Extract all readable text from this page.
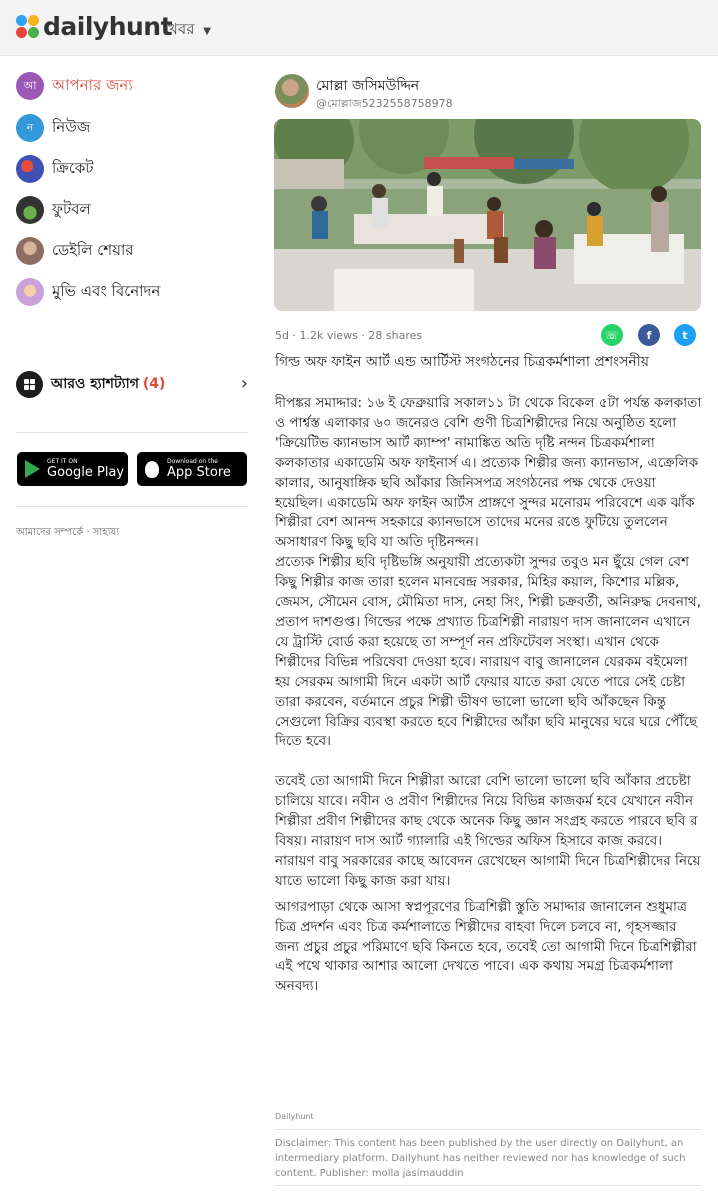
dailyhunt
খবর ▼
আ	আপনার জন্য
ন	নিউজ
ক্রিকেট
ফুটবল
ডেইলি শেয়ার
মুভি এবং বিনোদন
আরও হ্যাশট্যাগ (4)	›
GET IT ON
Google Play
Download on the
App Store
আমাদের সম্পর্কে · সাহায্য
মোল্লা জসিমউদ্দিন
@মোল্লাজ5232558758978
5d · 1.2k views · 28 shares	☏	f	t
গিল্ড অফ ফাইন আর্ট এন্ড আর্টিস্ট সংগঠনের চিত্রকর্মশালা প্রশংসনীয়

দীপঙ্কর সমাদ্দার: ১৬ ই ফেব্রুয়ারি সকাল১১ টা থেকে বিকেল ৫টা পর্যন্ত কলকাতা ও পার্শ্বস্ত এলাকার ৬০ জনেরও বেশি গুণী চিত্রশিল্পীদের নিয়ে অনুষ্ঠিত হলো 'ক্রিয়েটিভ ক্যানভাস আর্ট ক্যাম্প' নামাঙ্কিত অতি দৃষ্টি নন্দন চিত্রকর্মশালা কলকাতার একাডেমি অফ ফাইনার্স এ। প্রত্যেক শিল্পীর জন্য ক্যানভাস, এক্রেলিক কালার, আনুষাঙ্গিক ছবি আঁকার জিনিসপত্র সংগঠনের পক্ষ থেকে দেওয়া হয়েছিল। একাডেমি অফ ফাইন আর্টস প্রাঙ্গণে সুন্দর মনোরম পরিবেশে এক ঝাঁক শিল্পীরা বেশ আনন্দ সহকারে ক্যানভাসে তাদের মনের রঙে ফুটিয়ে তুললেন অসাধারণ কিছু ছবি যা অতি দৃষ্টিনন্দন।

প্রত্যেক শিল্পীর ছবি দৃষ্টিভঙ্গি অনুযায়ী প্রত্যেকটা সুন্দর তবুও মন ছুঁয়ে গেল বেশ কিছু শিল্পীর কাজ তারা হলেন মানবেন্দ্র সরকার, মিহির কয়াল, কিশোর মল্লিক, জেমস, সৌমেন বোস, মৌমিতা দাস, নেহা সিং, শিল্পী চক্রবর্তী, অনিরুদ্ধ দেবনাথ, প্রতাপ দাশগুপ্ত। গিল্ডের পক্ষে প্রখ্যাত চিত্রশিল্পী নারায়ণ দাস জানালেন এখানে যে ট্রাস্টি বোর্ড করা হয়েছে তা সম্পূর্ণ নন প্রফিটেবল সংস্থা। এখান থেকে শিল্পীদের বিভিন্ন পরিষেবা দেওয়া হবে। নারায়ণ বাবু জানালেন যেরকম বইমেলা হয় সেরকম আগামী দিনে একটা আর্ট ফেয়ার যাতে করা যেতে পারে সেই চেষ্টা তারা করবেন, বর্তমানে প্রচুর শিল্পী ভীষণ ভালো ভালো ছবি আঁকছেন কিন্তু সেগুলো বিক্রির ব্যবস্থা করতে হবে শিল্পীদের আঁকা ছবি মানুষের ঘরে ঘরে পৌঁছে দিতে হবে।

তবেই তো আগামী দিনে শিল্পীরা আরো বেশি ভালো ভালো ছবি আঁকার প্রচেষ্টা চালিয়ে যাবে। নবীন ও প্রবীণ শিল্পীদের নিয়ে বিভিন্ন কাজকর্ম হবে যেখানে নবীন শিল্পীরা প্রবীণ শিল্পীদের কাছ থেকে অনেক কিছু জ্ঞান সংগ্রহ করতে পারবে ছবি র বিষয়। নারায়ণ দাস আর্ট গ্যালারি এই গিল্ডের অফিস হিসাবে কাজ করবে। নারায়ণ বাবু সরকারের কাছে আবেদন রেখেছেন আগামী দিনে চিত্রশিল্পীদের নিয়ে যাতে ভালো কিছু কাজ করা যায়।

আগরপাড়া থেকে আসা স্বপ্নপূরণের চিত্রশিল্পী স্তুতি সমাদ্দার জানালেন শুধুমাত্র চিত্র প্রদর্শন এবং চিত্র কর্মশালাতে শিল্পীদের বাহবা দিলে চলবে না, গৃহসজ্জার জন্য প্রচুর প্রচুর পরিমাণে ছবি কিনতে হবে, তবেই তো আগামী দিনে চিত্রশিল্পীরা এই পথে থাকার আশার আলো দেখতে পাবে। এক কথায় সমগ্র চিত্রকর্মশালা অনবদ্য।

Dailyhunt
Disclaimer: This content has been published by the user directly on Dailyhunt, an intermediary platform. Dailyhunt has neither reviewed nor has knowledge of such content. Publisher: molla jasimauddin
